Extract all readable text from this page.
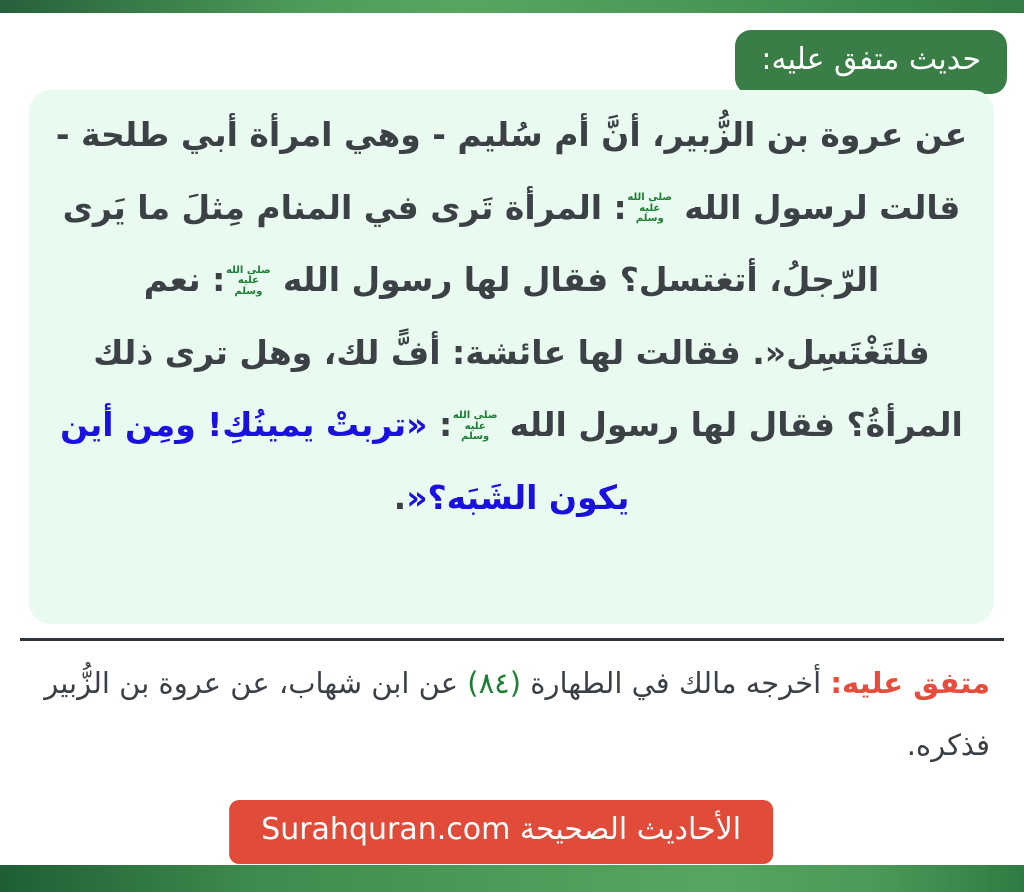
حديث متفق عليه:

عن عروة بن الزُّبير، أنَّ أم سُليم - وهي امرأة أبي طلحة - قالت لرسول الله صلى الله عليه وسلم: المرأة تَرى في المنام مِثلَ ما يَرى الرّجلُ، أتغتسل؟ فقال لها رسول الله صلى الله عليه وسلم: نعم فلتَغْتَسِل«. فقالت لها عائشة: أفًّ لك، وهل ترى ذلك المرأةُ؟ فقال لها رسول الله صلى الله عليه وسلم: «تربتْ يمينُكِ! ومِن أين يكون الشَبَه؟«.

متفق عليه: أخرجه مالك في الطهارة (٨٤) عن ابن شهاب، عن عروة بن الزُّبير فذكره.

الأحاديث الصحيحة Surahquran.com
